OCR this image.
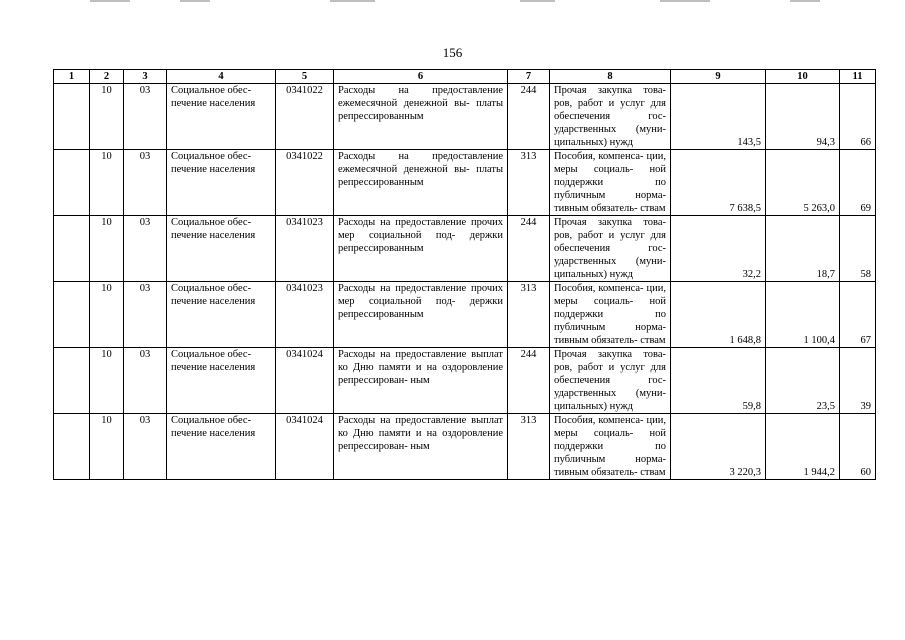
156
1	2	3	4	5	6	7	8	9	10	11
	10	03	Социальное обес- печение населения	0341022	Расходы на предоставление ежемесячной денежной вы- платы репрессированным	244	Прочая закупка това- ров, работ и услуг для обеспечения гос- ударственных (муни- ципальных) нужд	143,5	94,3	66
	10	03	Социальное обес- печение населения	0341022	Расходы на предоставление ежемесячной денежной вы- платы репрессированным	313	Пособия, компенса- ции, меры социаль- ной поддержки по публичным норма- тивным обязатель- ствам	7 638,5	5 263,0	69
	10	03	Социальное обес- печение населения	0341023	Расходы на предоставление прочих мер социальной под- держки репрессированным	244	Прочая закупка това- ров, работ и услуг для обеспечения гос- ударственных (муни- ципальных) нужд	32,2	18,7	58
	10	03	Социальное обес- печение населения	0341023	Расходы на предоставление прочих мер социальной под- держки репрессированным	313	Пособия, компенса- ции, меры социаль- ной поддержки по публичным норма- тивным обязатель- ствам	1 648,8	1 100,4	67
	10	03	Социальное обес- печение населения	0341024	Расходы на предоставление выплат ко Дню памяти и на оздоровление репрессирован- ным	244	Прочая закупка това- ров, работ и услуг для обеспечения гос- ударственных (муни- ципальных) нужд	59,8	23,5	39
	10	03	Социальное обес- печение населения	0341024	Расходы на предоставление выплат ко Дню памяти и на оздоровление репрессирован- ным	313	Пособия, компенса- ции, меры социаль- ной поддержки по публичным норма- тивным обязатель- ствам	3 220,3	1 944,2	60
